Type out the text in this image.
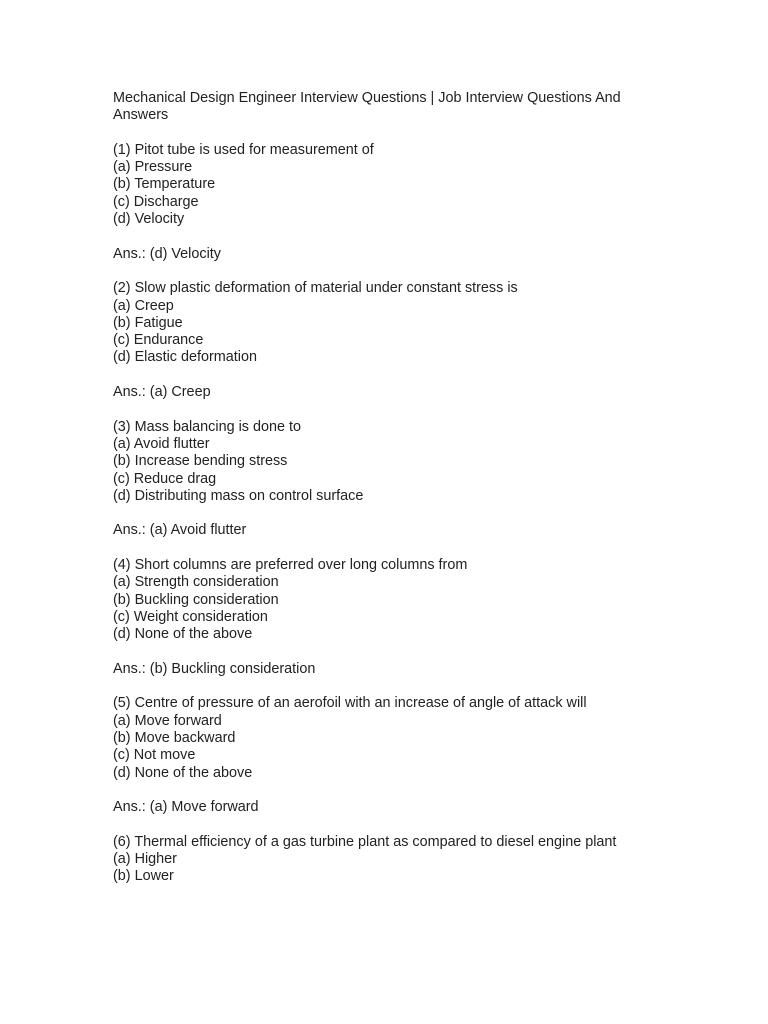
Mechanical Design Engineer Interview Questions | Job Interview Questions And Answers
(1) Pitot tube is used for measurement of
(a) Pressure
(b) Temperature
(c) Discharge
(d) Velocity
Ans.: (d) Velocity
(2) Slow plastic deformation of material under constant stress is
(a) Creep
(b) Fatigue
(c) Endurance
(d) Elastic deformation
Ans.: (a) Creep
(3) Mass balancing is done to
(a) Avoid flutter
(b) Increase bending stress
(c) Reduce drag
(d) Distributing mass on control surface
Ans.: (a) Avoid flutter
(4) Short columns are preferred over long columns from
(a) Strength consideration
(b) Buckling consideration
(c) Weight consideration
(d) None of the above
Ans.: (b) Buckling consideration
(5) Centre of pressure of an aerofoil with an increase of angle of attack will
(a) Move forward
(b) Move backward
(c) Not move
(d) None of the above
Ans.: (a) Move forward
(6) Thermal efficiency of a gas turbine plant as compared to diesel engine plant
(a) Higher
(b) Lower
